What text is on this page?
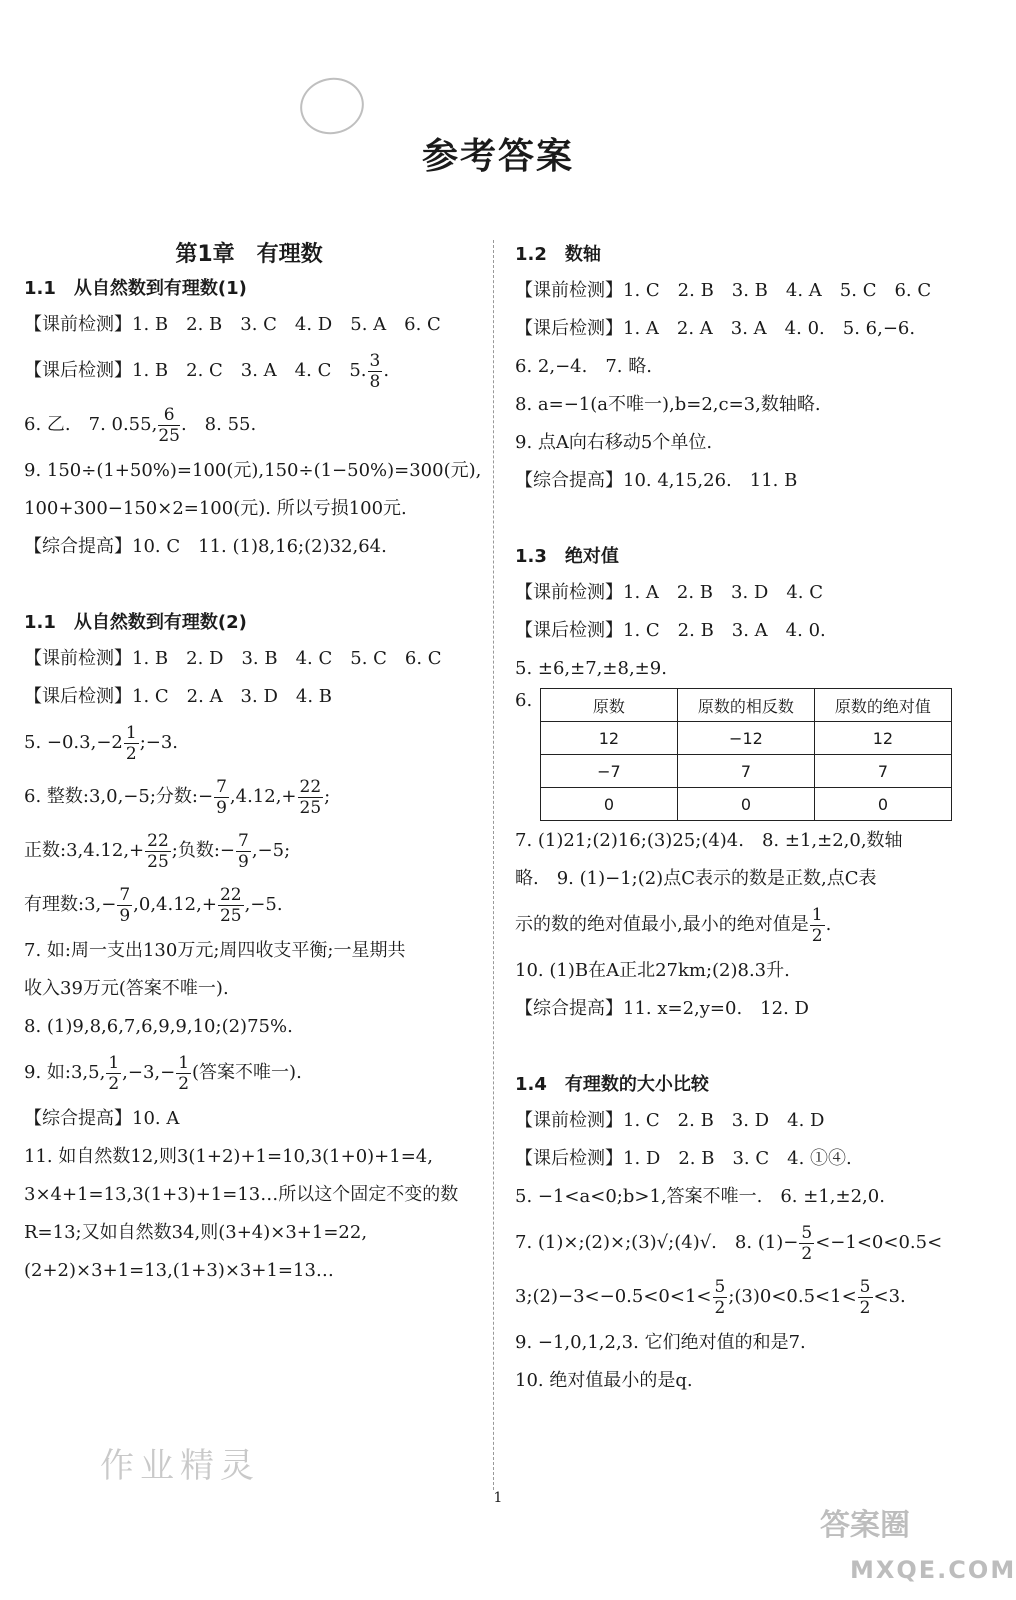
参考答案
第1章　有理数
1.1　从自然数到有理数(1)
【课前检测】1. B　2. B　3. C　4. D　5. A　6. C
【课后检测】1. B　2. C　3. A　4. C　5. $\frac{3}{8}$ .
6. 乙.　7. 0.55, $\frac{6}{25}$ .　8. 55.
9. 150÷(1+50%)=100(元),150÷(1−50%)=300(元),
100+300−150×2=100(元). 所以亏损100元.
【综合提高】10. C　11. (1)8,16;(2)32,64.
1.1　从自然数到有理数(2)
【课前检测】1. B　2. D　3. B　4. C　5. C　6. C
【课后检测】1. C　2. A　3. D　4. B
5. $-0.3,-2 \frac{1}{2}$ ;−3.
6. 整数:3,0,−5;分数:− $\frac{7}{9} ,4.12,+ \frac{22}{25}$ ;
正数:3,4.12,+ $\frac{22}{25}$ ;负数:− $\frac{7}{9} ,-5$;
有理数:3,− $\frac{7}{9} ,0,4.12,+ \frac{22}{25} ,-5$.
7. 如:周一支出130万元;周四收支平衡;一星期共
收入39万元(答案不唯一).
8. (1)9,8,6,7,6,9,9,10;(2)75%.
9. 如:3,5, $\frac{1}{2} ,-3,- \frac{1}{2}$ (答案不唯一).
【综合提高】10. A
11. 如自然数12,则3(1+2)+1=10,3(1+0)+1=4,
3×4+1=13,3(1+3)+1=13…所以这个固定不变的数
R=13;又如自然数34,则(3+4)×3+1=22,
(2+2)×3+1=13,(1+3)×3+1=13…
1.2　数轴
【课前检测】1. C　2. B　3. B　4. A　5. C　6. C
【课后检测】1. A　2. A　3. A　4. 0.　5. 6,−6.
6. 2,−4.　7. 略.
8. a=−1(a不唯一),b=2,c=3,数轴略.
9. 点A向右移动5个单位.
【综合提高】10. 4,15,26.　11. B
1.3　绝对值
【课前检测】1. A　2. B　3. D　4. C
【课后检测】1. C　2. B　3. A　4. 0.
5. ±6,±7,±8,±9.
6.	原数	原数的相反数	原数的绝对值
12	−12	12
−7	7	7
0	0	0
7. (1)21;(2)16;(3)25;(4)4.　8. ±1,±2,0,数轴
略.　9. (1)−1;(2)点C表示的数是正数,点C表
示的数的绝对值最小,最小的绝对值是 $\frac{1}{2}$ .
10. (1)B在A正北27km;(2)8.3升.
【综合提高】11. x=2,y=0.　12. D
1.4　有理数的大小比较
【课前检测】1. C　2. B　3. D　4. D
【课后检测】1. D　2. B　3. C　4. ①④.
5. −1<a<0;b>1,答案不唯一.　6. ±1,±2,0.
7. (1)×;(2)×;(3)√;(4)√.　8. $(1)- \frac{5}{2} <-1<0<0.5<$
3;(2)−3<−0.5<0<1< $\frac{5}{2}$ ;(3)0<0.5<1< $\frac{5}{2} <3$.
9. −1,0,1,2,3. 它们绝对值的和是7.
10. 绝对值最小的是q.
作业精灵
1
答案圈
MXQE.COM
